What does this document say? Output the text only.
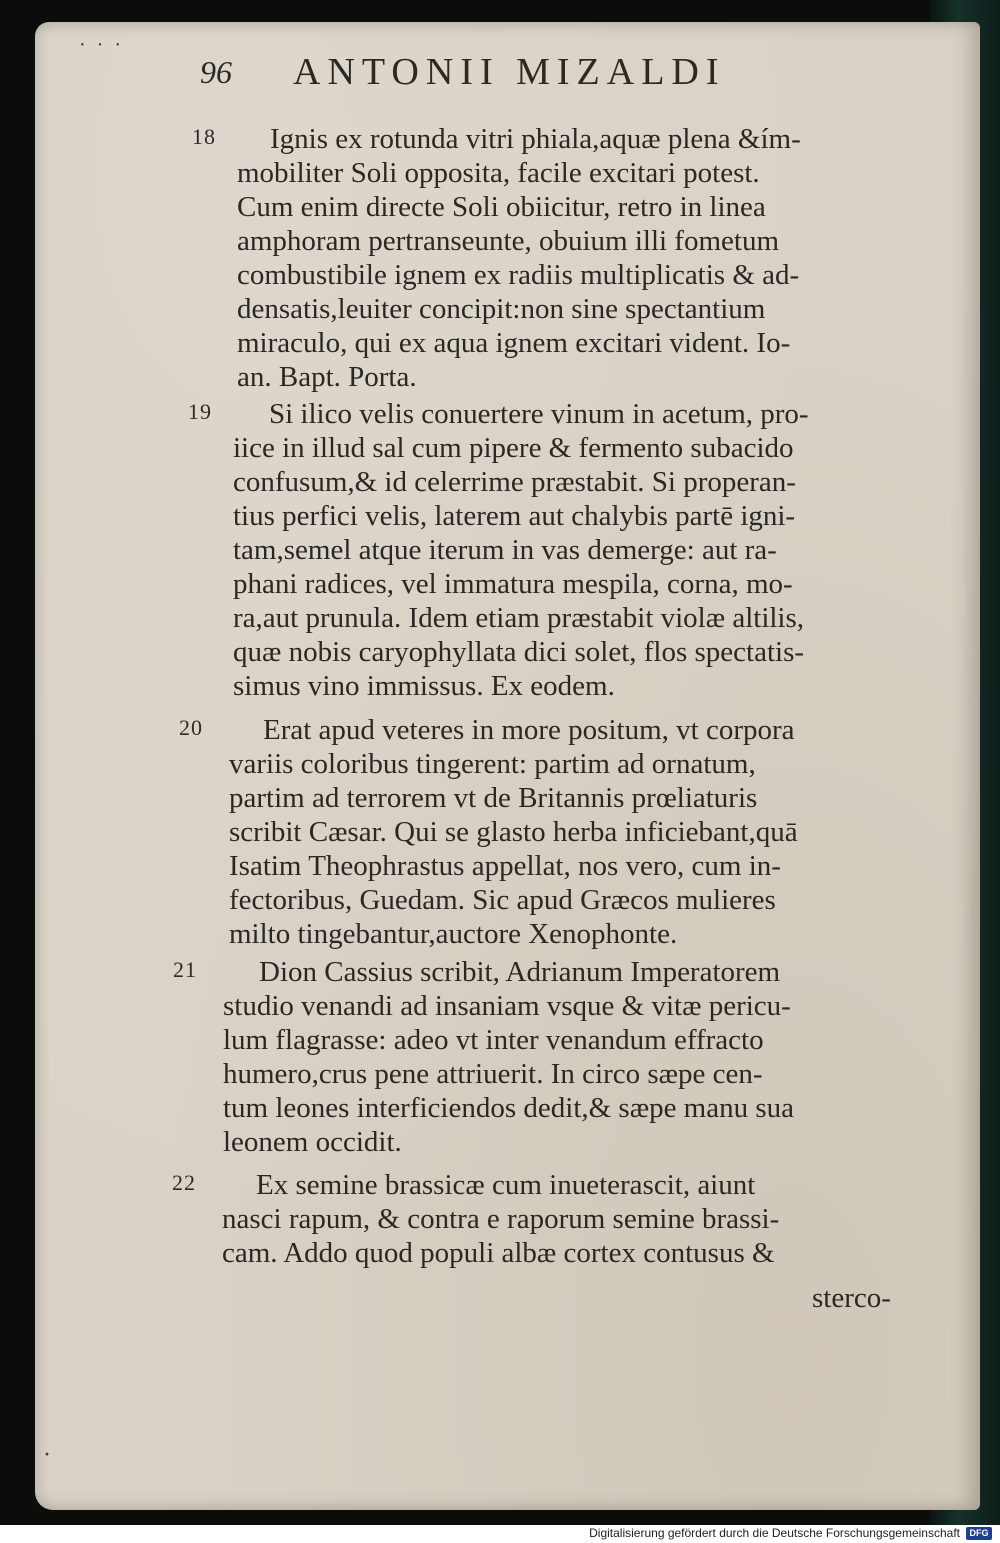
· · ·
·
96 ANTONII MIZALDI
18 Ignis ex rotunda vitri phiala,aquæ plena &ím-
mobiliter Soli opposita, facile excitari potest.
Cum enim directe Soli obiicitur, retro in linea
amphoram pertranseunte, obuium illi fometum
combustibile ignem ex radiis multiplicatis & ad-
densatis,leuiter concipit:non sine spectantium
miraculo, qui ex aqua ignem excitari vident. Io-
an. Bapt. Porta.
19 Si ilico velis conuertere vinum in acetum, pro-
iice in illud sal cum pipere & fermento subacido
confusum,& id celerrime præstabit. Si properan-
tius perfici velis, laterem aut chalybis partē igni-
tam,semel atque iterum in vas demerge: aut ra-
phani radices, vel immatura mespila, corna, mo-
ra,aut prunula. Idem etiam præstabit violæ altilis,
quæ nobis caryophyllata dici solet, flos spectatis-
simus vino immissus. Ex eodem.
20 Erat apud veteres in more positum, vt corpora
variis coloribus tingerent: partim ad ornatum,
partim ad terrorem vt de Britannis prœliaturis
scribit Cæsar. Qui se glasto herba inficiebant,quā
Isatim Theophrastus appellat, nos vero, cum in-
fectoribus, Guedam. Sic apud Græcos mulieres
milto tingebantur,auctore Xenophonte.
21 Dion Cassius scribit, Adrianum Imperatorem
studio venandi ad insaniam vsque & vitæ pericu-
lum flagrasse: adeo vt inter venandum effracto
humero,crus pene attriuerit. In circo sæpe cen-
tum leones interficiendos dedit,& sæpe manu sua
leonem occidit.
22 Ex semine brassicæ cum inueterascit, aiunt
nasci rapum, & contra e raporum semine brassi-
cam. Addo quod populi albæ cortex contusus &
sterco-
Digitalisierung gefördert durch die Deutsche Forschungsgemeinschaft	DFG
